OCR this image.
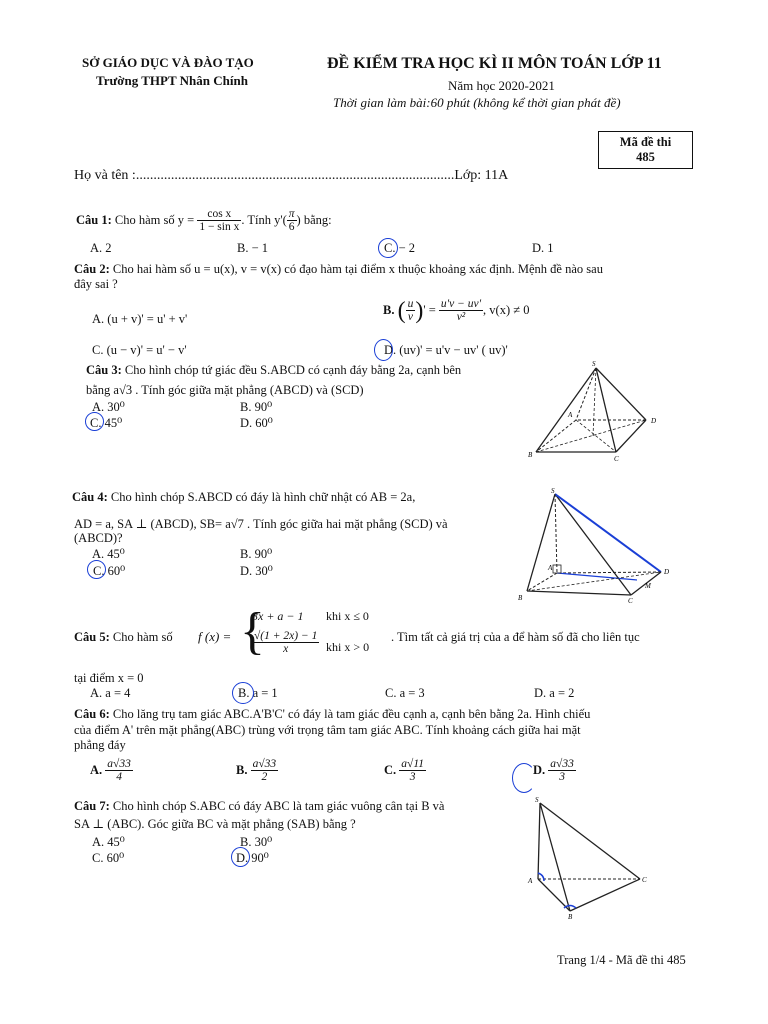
SỞ GIÁO DỤC VÀ ĐÀO TẠO
Trường THPT Nhân Chính
ĐỀ KIỂM TRA HỌC KÌ II MÔN TOÁN LỚP 11
Năm học 2020-2021
Thời gian làm bài:60 phút (không kể thời gian phát đề)
Mã đề thi
485
Họ và tên :...........................................................................................Lớp: 11A
Câu 1:
Cho hàm số y =
$\frac{\text{cos x}}{\text{1 − sin x}}$ . Tính $y'( \frac{\pi}{6}$ ) bằng:
A. 2	B. − 1	C. − 2	D. 1
Câu 2: Cho hai hàm số u = u(x), v = v(x) có đạo hàm tại điểm x thuộc khoảng xác định. Mệnh đề nào sau
đây sai ?
A. (u + v)' = u' + v'
B.
( $\frac{u}{v}$ ) ' = $\frac{u'v - uv'}{\text{v²}}$ , v(x) ≠ 0
C. (u − v)' = u' − v'	D. (uv)' = u'v − uv' ( uv)'
Câu 3: Cho hình chóp tứ giác đều S.ABCD có cạnh đáy bằng 2a, cạnh bên
bằng a√3 . Tính góc giữa mặt phẳng (ABCD) và (SCD)
A. 30⁰	B. 90⁰
C. 45⁰	D. 60⁰
S
B	C
D
A
Câu 4: Cho hình chóp S.ABCD có đáy là hình chữ nhật có AB = 2a,
AD = a, SA ⊥ (ABCD), SB= a√7 . Tính góc giữa hai mặt phẳng (SCD) và
(ABCD)?
A. 45⁰	B. 90⁰
C. 60⁰	D. 30⁰
S
B	C
D
M
A
Câu 5: Cho hàm số f (x) = {
3x + a − 1 khi x ≤ 0
$\frac{√(1 + 2x) - 1}{x}$ khi x > 0
. Tìm tất cả giá trị của a để hàm số đã cho liên tục
tại điểm x = 0
A. a = 4	B. a = 1	C. a = 3	D. a = 2
Câu 6: Cho lăng trụ tam giác ABC.A'B'C' có đáy là tam giác đều cạnh a, cạnh bên bằng 2a. Hình chiếu
của điểm A' trên mặt phẳng(ABC) trùng với trọng tâm tam giác ABC. Tính khoảng cách giữa hai mặt
phẳng đáy
A.
$\frac{a√33}{4}$	B.
$\frac{a√33}{2}$	C.
$\frac{a√11}{3}$	D.
$\frac{a√33}{3}$
Câu 7: Cho hình chóp S.ABC có đáy ABC là tam giác vuông cân tại B và
SA ⊥ (ABC). Góc giữa BC và mặt phẳng (SAB) bằng ?
A. 45⁰	B. 30⁰
C. 60⁰	D. 90⁰
S
A
B
C
Trang 1/4 - Mã đề thi 485
